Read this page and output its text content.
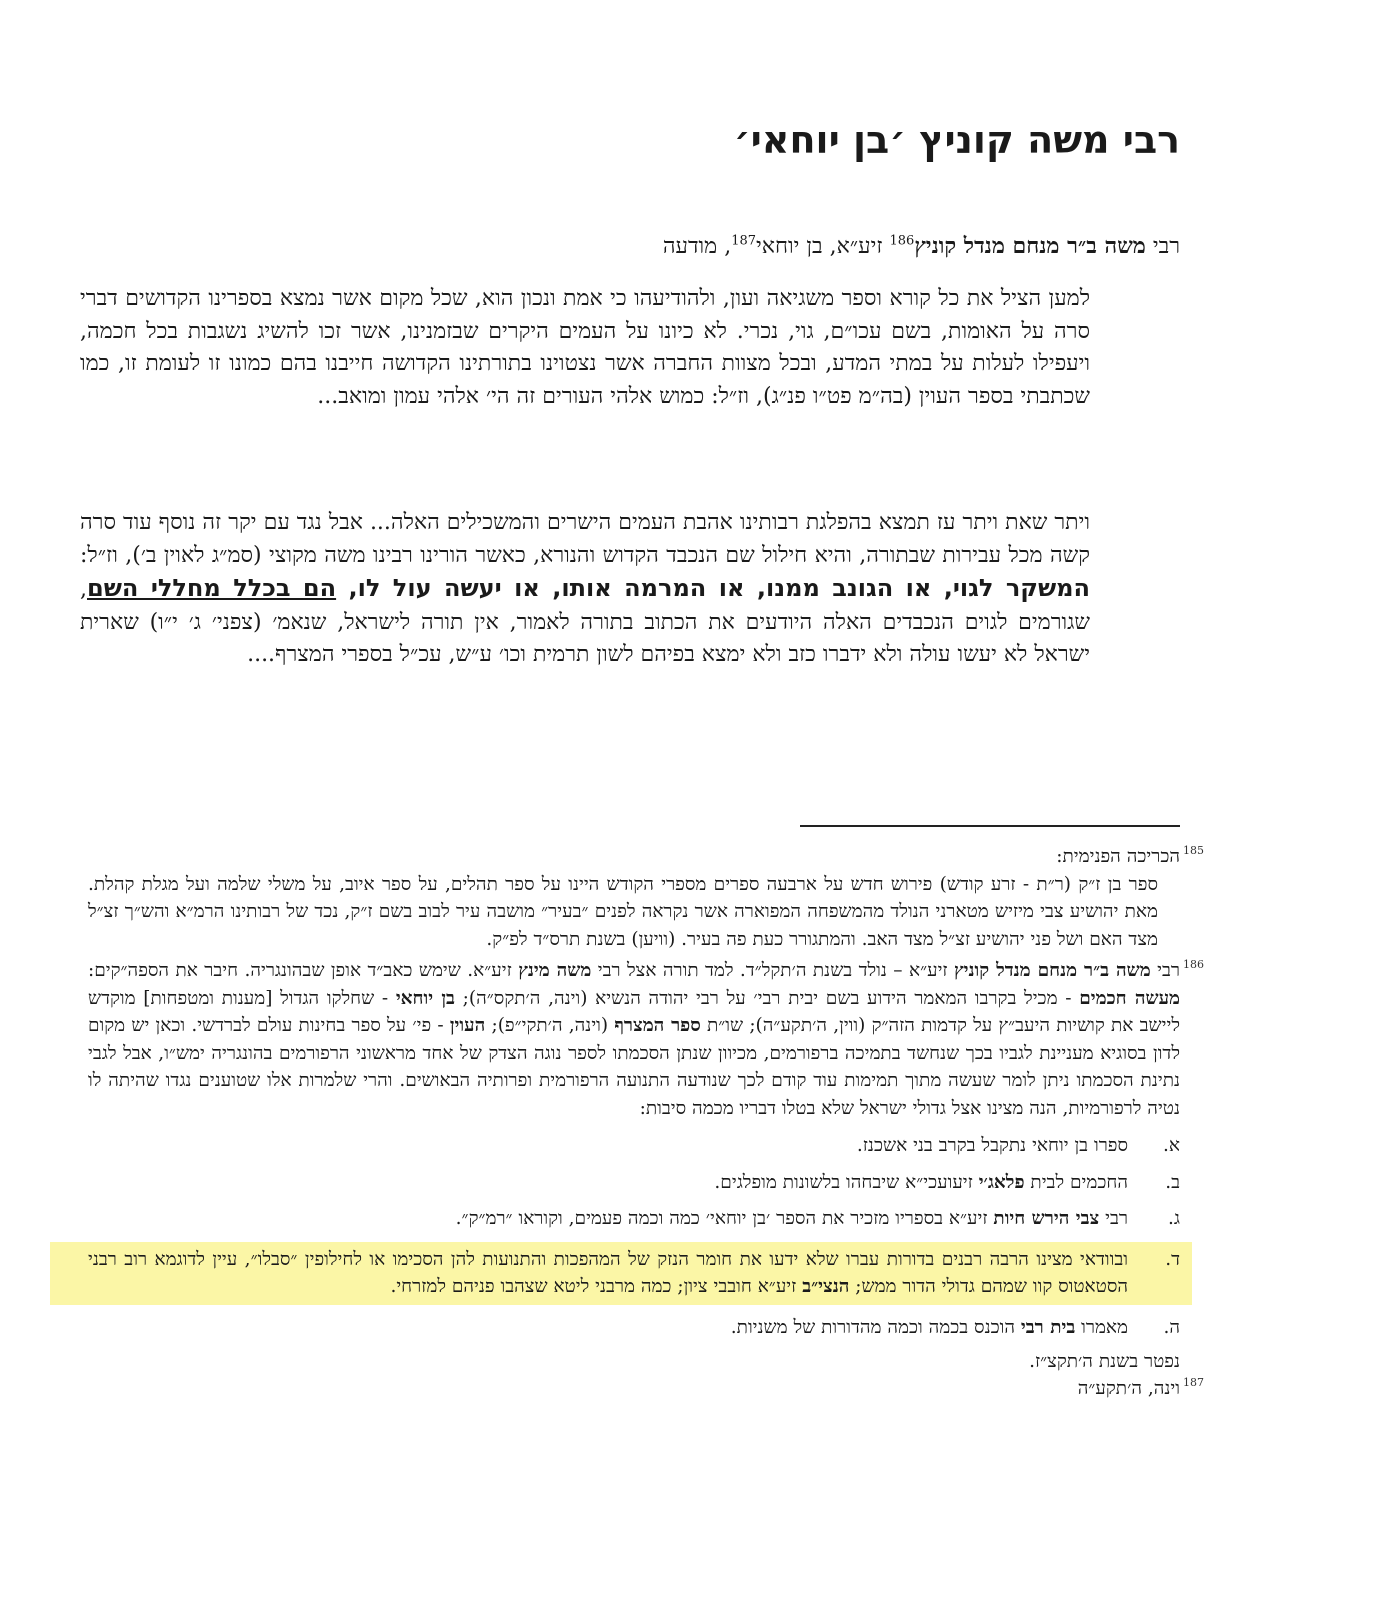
רבי משה קוניץ ׳בן יוחאי׳
רבי משה ב״ר מנחם מנדל קוניץ$^{186}$ זיע״א, בן יוחאי$^{187}$, מודעה

למען הציל את כל קורא וספר משגיאה ועון, ולהודיעהו כי אמת ונכון הוא, שכל מקום אשר נמצא בספרינו הקדושים דברי סרה על האומות, בשם עכו״ם, גוי, נכרי. לא כיונו על העמים היקרים שבזמנינו, אשר זכו להשיג נשגבות בכל חכמה, ויעפילו לעלות על במתי המדע, ובכל מצוות החברה אשר נצטוינו בתורתינו הקדושה חייבנו בהם כמונו זו לעומת זו, כמו שכתבתי בספר העוין (בה״מ פט״ו פנ״ג), וז״ל: כמוש אלהי העורים זה הי׳ אלהי עמון ומואב...

ויתר שאת ויתר עז תמצא בהפלגת רבותינו אהבת העמים הישרים והמשכילים האלה... אבל נגד עם יקר זה נוסף עוד סרה קשה מכל עבירות שבתורה, והיא חילול שם הנכבד הקדוש והנורא, כאשר הורינו רבינו משה מקוצי (סמ״ג לאוין ב׳), וז״ל: המשקר לגוי, או הגונב ממנו, או המרמה אותו, או יעשה עול לו, הם בכלל מחללי השם, שגורמים לגוים הנכבדים האלה היודעים את הכתוב בתורה לאמור, אין תורה לישראל, שנאמ׳ (צפני׳ ג׳ י״ו) שארית ישראל לא יעשו עולה ולא ידברו כזב ולא ימצא בפיהם לשון תרמית וכו׳ ע״ש, עכ״ל בספרי המצרף....

185
הכריכה הפנימית:
ספר בן ז״ק (ר״ת - זרע קודש) פירוש חדש על ארבעה ספרים מספרי הקודש היינו על ספר תהלים, על ספר איוב, על משלי שלמה ועל מגלת קהלת. מאת יהושיע צבי מיזיש מטארני הנולד מהמשפחה המפוארה אשר נקראה לפנים ״בעיר״ מושבה עיר לבוב בשם ז״ק, נכד של רבותינו הרמ״א והש״ך זצ״ל מצד האם ושל פני יהושיע זצ״ל מצד האב. והמתגורר כעת פה בעיר. (וויען) בשנת תרס״ד לפ״ק.
186
רבי משה ב״ר מנחם מנדל קוניץ זיע״א – נולד בשנת ה׳תקל״ד. למד תורה אצל רבי משה מינץ זיע״א. שימש כאב״ד אופן שבהונגריה. חיבר את הספה״קים: מעשה חכמים - מכיל בקרבו המאמר הידוע בשם יבית רבי׳ על רבי יהודה הנשיא (וינה, ה׳תקס״ה); בן יוחאי - שחלקו הגדול [מענות ומטפחות] מוקדש ליישב את קושיות היעב״ץ על קדמות הזה״ק (ווין, ה׳תקע״ה); שו״ת ספר המצרף (וינה, ה׳תקי״פ); העוין - פי׳ על ספר בחינות עולם לברדשי. וכאן יש מקום לדון בסוגיא מעניינת לגביו בכך שנחשד בתמיכה ברפורמים, מכיוון שנתן הסכמתו לספר נוגה הצדק של אחד מראשוני הרפורמים בהונגריה ימש״ו, אבל לגבי נתינת הסכמתו ניתן לומר שעשה מתוך תמימות עוד קודם לכך שנודעה התנועה הרפורמית ופרותיה הבאושים. והרי שלמרות אלו שטוענים נגדו שהיתה לו נטיה לרפורמיות, הנה מצינו אצל גדולי ישראל שלא בטלו דבריו מכמה סיבות:
א.
ספרו בן יוחאי נתקבל בקרב בני אשכנז.
ב.
החכמים לבית פלאג׳י זיעועכי״א שיבחהו בלשונות מופלגים.
ג.
רבי צבי הירש חיות זיע״א בספריו מזכיר את הספר ׳בן יוחאי׳ כמה וכמה פעמים, וקוראו ״רמ״ק״.
ד.
ובוודאי מצינו הרבה רבנים בדורות עברו שלא ידעו את חומר הנזק של המהפכות והתנועות להן הסכימו או לחילופין ״סבלו״, עיין לדוגמא רוב רבני הסטאטוס קוו שמהם גדולי הדור ממש; הנצי״ב זיע״א חובבי ציון; כמה מרבני ליטא שצהבו פניהם למזרחי.
ה.
מאמרו בית רבי הוכנס בכמה וכמה מהדורות של משניות.
נפטר בשנת ה׳תקצ״ז.
187
וינה, ה׳תקע״ה
